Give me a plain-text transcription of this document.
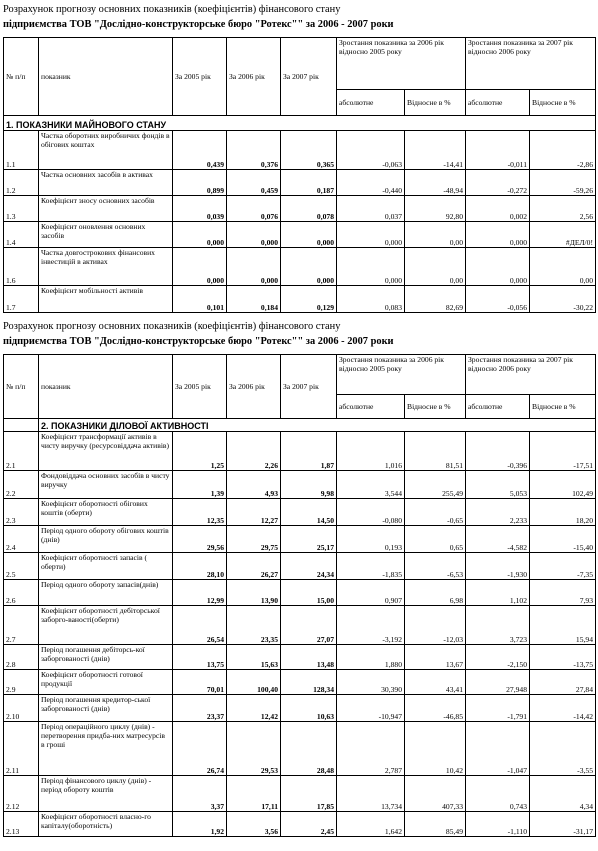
Розрахунок прогнозу основних показників (коефіцієнтів) фінансового стану
підприємства ТОВ "Дослідно-конструкторське бюро "Ротекс"" за 2006 - 2007 роки
№ п/п	показник	За 2005 рік	За 2006 рік	За 2007 рік	Зростання показника за 2006 рік відносно 2005 року		Зростання показника за 2007 рік відносно 2006 року	
					абсолютне	Відносне в %	абсолютне	Відносне в %
1. ПОКАЗНИКИ МАЙНОВОГО СТАНУ								
1.1	Частка оборотних виробничих фондів в обігових коштах	0,439	0,376	0,365	-0,063	-14,41	-0,011	-2,86
1.2	Частка основних засобів в активах	0,899	0,459	0,187	-0,440	-48,94	-0,272	-59,26
1.3	Коефіцієнт зносу основних засобів	0,039	0,076	0,078	0,037	92,80	0,002	2,56
1.4	Коефіцієнт оновлення основних засобів	0,000	0,000	0,000	0,000	0,00	0,000	#ДЕЛ/0!
1.6	Частка довгострокових фінансових інвестицій в активах	0,000	0,000	0,000	0,000	0,00	0,000	0,00
1.7	Коефіцієнт мобільності активів	0,101	0,184	0,129	0,083	82,69	-0,056	-30,22
Розрахунок прогнозу основних показників (коефіцієнтів) фінансового стану
підприємства ТОВ "Дослідно-конструкторське бюро "Ротекс"" за 2006 - 2007 роки
№ п/п	показник	За 2005 рік	За 2006 рік	За 2007 рік	Зростання показника за 2006 рік відносно 2005 року		Зростання показника за 2007 рік відносно 2006 року	
					абсолютне	Відносне в %	абсолютне	Відносне в %
	2. ПОКАЗНИКИ ДІЛОВОЇ АКТИВНОСТІ							
2.1	Коефіцієнт трансформації активів в чисту виручку (ресурсовіддача активів)	1,25	2,26	1,87	1,016	81,51	-0,396	-17,51
2.2	Фондовіддача основних засобів в чисту виручку	1,39	4,93	9,98	3,544	255,49	5,053	102,49
2.3	Коефіцієнт оборотності обігових коштів (оберти)	12,35	12,27	14,50	-0,080	-0,65	2,233	18,20
2.4	Період одного обороту обігових коштів (днів)	29,56	29,75	25,17	0,193	0,65	-4,582	-15,40
2.5	Коефіцієнт оборотності запасів ( оберти)	28,10	26,27	24,34	-1,835	-6,53	-1,930	-7,35
2.6	Період одного обороту запасів(днів)	12,99	13,90	15,00	0,907	6,98	1,102	7,93
2.7	Коефіцієнт оборотності дебіторської заборго-ваності(оберти)	26,54	23,35	27,07	-3,192	-12,03	3,723	15,94
2.8	Період погашення дебіторсь-кої заборгованості (днів)	13,75	15,63	13,48	1,880	13,67	-2,150	-13,75
2.9	Коефіцієнт оборотності готової продукції	70,01	100,40	128,34	30,390	43,41	27,948	27,84
2.10	Період погашення кредитор-ської заборгованості (днів)	23,37	12,42	10,63	-10,947	-46,85	-1,791	-14,42
2.11	Період операційного циклу (днів) - перетворення придба-них матресурсів в гроші	26,74	29,53	28,48	2,787	10,42	-1,047	-3,55
2.12	Період фінансового циклу (днів) - період обороту коштів	3,37	17,11	17,85	13,734	407,33	0,743	4,34
2.13	Коефіцієнт оборотності власно-го капіталу(оборотність)	1,92	3,56	2,45	1,642	85,49	-1,110	-31,17
